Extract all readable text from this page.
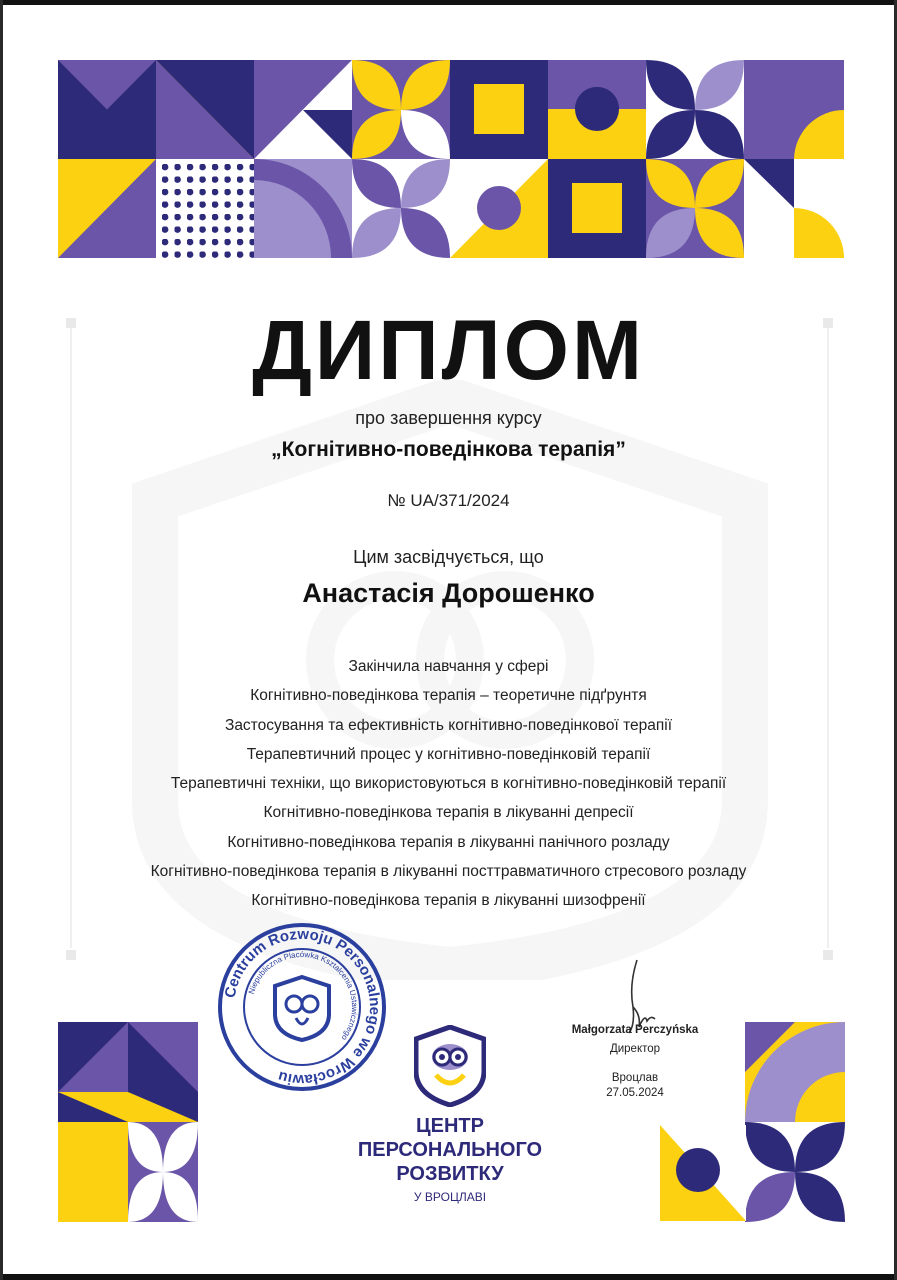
ДИПЛОМ
про завершення курсу
„Когнітивно-поведінкова терапія”
№ UA/371/2024
Цим засвідчується, що
Анастасія Дорошенко
Закінчила навчання у сфері
Когнітивно-поведінкова терапія – теоретичне підґрунтя
Застосування та ефективність когнітивно-поведінкової терапії
Терапевтичний процес у когнітивно-поведінковій терапії
Терапевтичні техніки, що використовуються в когнітивно-поведінковій терапії
Когнітивно-поведінкова терапія в лікуванні депресії
Когнітивно-поведінкова терапія в лікуванні панічного розладу
Когнітивно-поведінкова терапія в лікуванні посттравматичного стресового розладу
Когнітивно-поведінкова терапія в лікуванні шизофренії
Centrum Rozwoju Personalnego we Wrocławiu
Niepubliczna Placówka Kształcenia Ustawicznego
ЦЕНТР
ПЕРСОНАЛЬНОГО
РОЗВИТКУ
У ВРОЦЛАВІ
Małgorzata Perczyńska
Директор
Вроцлав
27.05.2024
